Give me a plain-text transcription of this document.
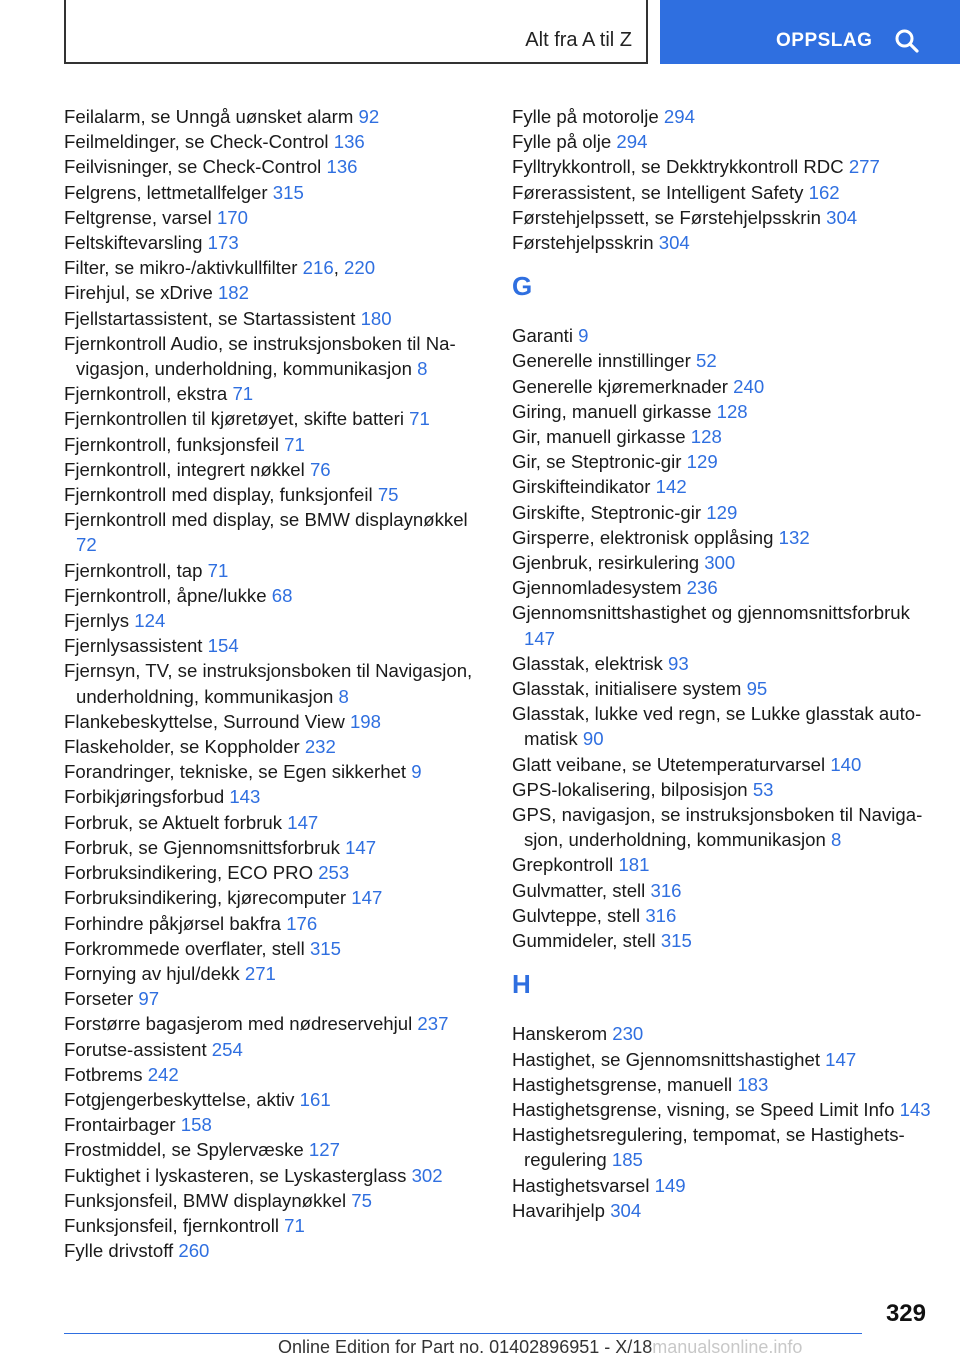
Alt fra A til Z	OPPSLAG
Feilalarm, se Unngå uønsket alarm 92
Feilmeldinger, se Check-Control 136
Feilvisninger, se Check-Control 136
Felgrens, lettmetallfelger 315
Feltgrense, varsel 170
Feltskiftevarsling 173
Filter, se mikro-/aktivkullfilter 216, 220
Firehjul, se xDrive 182
Fjellstartassistent, se Startassistent 180
Fjernkontroll Audio, se instruksjonsboken til Navigasjon, underholdning, kommunikasjon 8
Fjernkontroll, ekstra 71
Fjernkontrollen til kjøretøyet, skifte batteri 71
Fjernkontroll, funksjonsfeil 71
Fjernkontroll, integrert nøkkel 76
Fjernkontroll med display, funksjonfeil 75
Fjernkontroll med display, se BMW displaynøkkel 72
Fjernkontroll, tap 71
Fjernkontroll, åpne/lukke 68
Fjernlys 124
Fjernlysassistent 154
Fjernsyn, TV, se instruksjonsboken til Navigasjon, underholdning, kommunikasjon 8
Flankebeskyttelse, Surround View 198
Flaskeholder, se Koppholder 232
Forandringer, tekniske, se Egen sikkerhet 9
Forbikjøringsforbud 143
Forbruk, se Aktuelt forbruk 147
Forbruk, se Gjennomsnittsforbruk 147
Forbruksindikering, ECO PRO 253
Forbruksindikering, kjørecomputer 147
Forhindre påkjørsel bakfra 176
Forkrommede overflater, stell 315
Fornying av hjul/dekk 271
Forseter 97
Forstørre bagasjerom med nødreservehjul 237
Forutse-assistent 254
Fotbrems 242
Fotgjengerbeskyttelse, aktiv 161
Frontairbager 158
Frostmiddel, se Spylervæske 127
Fuktighet i lyskasteren, se Lyskasterglass 302
Funksjonsfeil, BMW displaynøkkel 75
Funksjonsfeil, fjernkontroll 71
Fylle drivstoff 260
Fylle på motorolje 294
Fylle på olje 294
Fylltrykkontroll, se Dekktrykkontroll RDC 277
Førerassistent, se Intelligent Safety 162
Førstehjelpssett, se Førstehjelpsskrin 304
Førstehjelpsskrin 304
G
Garanti 9
Generelle innstillinger 52
Generelle kjøremerknader 240
Giring, manuell girkasse 128
Gir, manuell girkasse 128
Gir, se Steptronic-gir 129
Girskifteindikator 142
Girskifte, Steptronic-gir 129
Girsperre, elektronisk opplåsing 132
Gjenbruk, resirkulering 300
Gjennomladesystem 236
Gjennomsnittshastighet og gjennomsnittsforbruk 147
Glasstak, elektrisk 93
Glasstak, initialisere system 95
Glasstak, lukke ved regn, se Lukke glasstak automatisk 90
Glatt veibane, se Utetemperaturvarsel 140
GPS-lokalisering, bilposisjon 53
GPS, navigasjon, se instruksjonsboken til Navigasjon, underholdning, kommunikasjon 8
Grepkontroll 181
Gulvmatter, stell 316
Gulvteppe, stell 316
Gummideler, stell 315
H
Hanskerom 230
Hastighet, se Gjennomsnittshastighet 147
Hastighetsgrense, manuell 183
Hastighetsgrense, visning, se Speed Limit Info 143
Hastighetsregulering, tempomat, se Hastighetsregulering 185
Hastighetsvarsel 149
Havarihjelp 304
329
Online Edition for Part no. 01402896951 - X/18manualsonline.info
